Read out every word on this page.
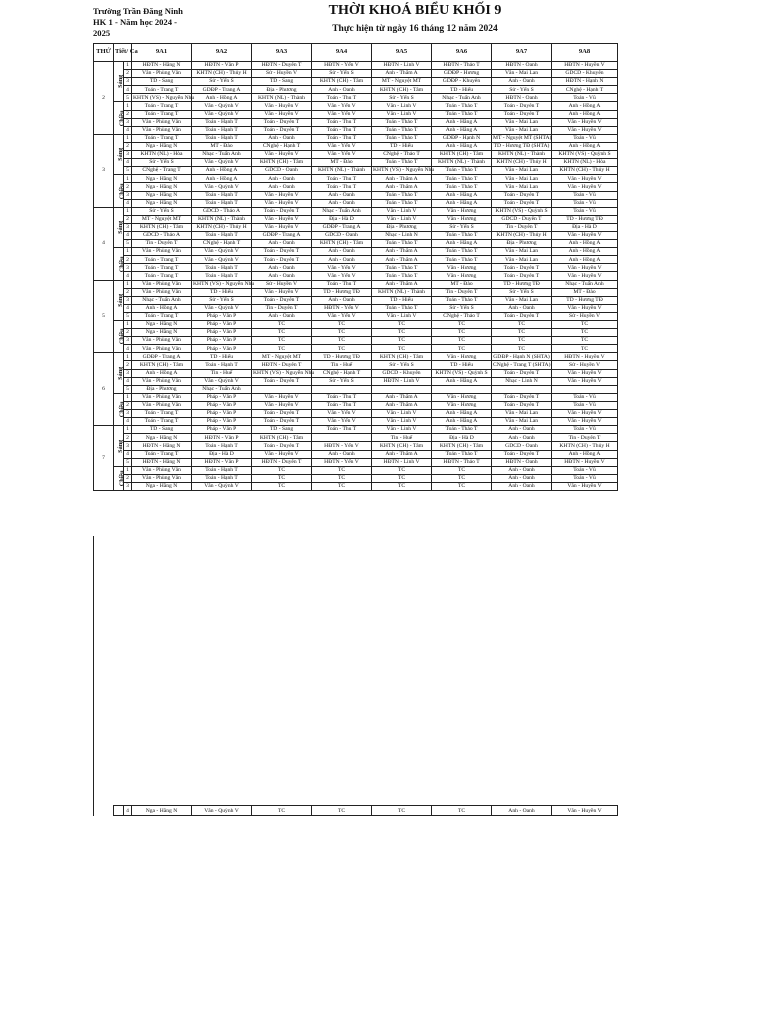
Trường Trần Đăng Ninh
HK 1 - Năm học 2024 -
2025
THỜI KHOÁ BIỂU KHỐI 9
Thực hiện từ ngày 16 tháng 12 năm 2024
THỨ	Tiết/ Ca		9A1	9A2	9A3	9A4	9A5	9A6	9A7	9A8
2	Sáng	1	HĐTN - Hằng N	HĐTN - Vân P	HĐTN - Duyên T	HĐTN - Yến V	HĐTN - Linh V	HĐTN - Thảo T	HĐTN - Oanh	HĐTN - Huyền V
		2	Văn - Phùng Vân	KHTN (CH) - Thủy H	Sử - Huyền V	Sử - Yến S	Anh - Thắm A	GDĐP - Hương	Văn - Mai Lan	GDCD - Khuyên
		3	TD - Sang	Sử - Yến S	TD - Sang	KHTN (CH) - Tâm	MT - Nguyệt MT	GDĐP - Khuyên	Anh - Oanh	HĐTN - Hạnh N
		4	Toán - Trang T	GDĐP - Trang A	Địa - Phương	Anh - Oanh	KHTN (CH) - Tâm	TD - Hiếu	Sử - Yến S	CNghệ - Hạnh T
		5	KHTN (VS) - Nguyễn Nhu	Anh - Hồng A	KHTN (NL) - Thành	Toán - Thu T	Sử - Yến S	Nhạc - Tuấn Anh	HĐTN - Oanh	Toán - Vũ
	Chiều	1	Toán - Trang T	Văn - Quỳnh V	Văn - Huyền V	Văn - Yến V	Văn - Linh V	Toán - Thảo T	Toán - Duyên T	Anh - Hồng A
		2	Toán - Trang T	Văn - Quỳnh V	Văn - Huyền V	Văn - Yến V	Văn - Linh V	Toán - Thảo T	Toán - Duyên T	Anh - Hồng A
		3	Văn - Phùng Vân	Toán - Hạnh T	Toán - Duyên T	Toán - Thu T	Toán - Thảo T	Anh - Hằng A	Văn - Mai Lan	Văn - Huyền V
		4	Văn - Phùng Vân	Toán - Hạnh T	Toán - Duyên T	Toán - Thu T	Toán - Thảo T	Anh - Hằng A	Văn - Mai Lan	Văn - Huyền V
3	Sáng	1	Toán - Trang T	Toán - Hạnh T	Anh - Oanh	Toán - Thu T	Toán - Thảo T	GDĐP - Hạnh N	MT - Nguyệt MT (SHTA)	Toán - Vũ
		2	Nga - Hằng N	MT - Đào	CNghệ - Hạnh T	Văn - Yến V	TD - Hiếu	Anh - Hằng A	TD - Hương TĐ (SHTA)	Anh - Hồng A
		3	KHTN (NL) - Hòa	Nhạc - Tuấn Anh	Văn - Huyền V	Văn - Yến V	CNghệ - Thảo T	KHTN (CH) - Tâm	KHTN (NL) - Thành	KHTN (VS) - Quỳnh S
		4	Sử - Yến S	Văn - Quỳnh V	KHTN (CH) - Tâm	MT - Đào	Toán - Thảo T	KHTN (NL) - Thành	KHTN (CH) - Thủy H	KHTN (NL) - Hòa
		5	CNghệ - Trang T	Anh - Hồng A	GDCD - Oanh	KHTN (NL) - Thành	KHTN (VS) - Nguyễn Nhu	Toán - Thảo T	Văn - Mai Lan	KHTN (CH) - Thủy H
	Chiều	1	Nga - Hằng N	Anh - Hồng A	Anh - Oanh	Toán - Thu T	Anh - Thắm A	Toán - Thảo T	Văn - Mai Lan	Văn - Huyền V
		2	Nga - Hằng N	Văn - Quỳnh V	Anh - Oanh	Toán - Thu T	Anh - Thắm A	Toán - Thảo T	Văn - Mai Lan	Văn - Huyền V
		3	Nga - Hằng N	Toán - Hạnh T	Văn - Huyền V	Anh - Oanh	Toán - Thảo T	Anh - Hằng A	Toán - Duyên T	Toán - Vũ
		4	Nga - Hằng N	Toán - Hạnh T	Văn - Huyền V	Anh - Oanh	Toán - Thảo T	Anh - Hằng A	Toán - Duyên T	Toán - Vũ
4	Sáng	1	Sử - Yến S	GDCD - Thảo A	Toán - Duyên T	Nhạc - Tuấn Anh	Văn - Linh V	Văn - Hương	KHTN (VS) - Quỳnh S	Toán - Vũ
		2	MT - Nguyệt MT	KHTN (NL) - Thành	Văn - Huyền V	Địa - Hà D	Văn - Linh V	Văn - Hương	GDCD - Duyên T	TD - Hương TĐ
		3	KHTN (CH) - Tâm	KHTN (CH) - Thủy H	Văn - Huyền V	GDĐP - Trang A	Địa - Phương	Sử - Yến S	Tin - Duyên T	Địa - Hà D
		4	GDCD - Thảo A	Toán - Hạnh T	GDĐP - Trang A	GDCD - Oanh	Nhạc - Linh N	Toán - Thảo T	KHTN (CH) - Thủy H	Văn - Huyền V
		5	Tin - Duyên T	CNghệ - Hạnh T	Anh - Oanh	KHTN (CH) - Tâm	Toán - Thảo T	Anh - Hằng A	Địa - Phương	Anh - Hồng A
	Chiều	1	Văn - Phùng Vân	Văn - Quỳnh V	Toán - Duyên T	Anh - Oanh	Anh - Thắm A	Toán - Thảo T	Văn - Mai Lan	Anh - Hồng A
		2	Toán - Trang T	Văn - Quỳnh V	Toán - Duyên T	Anh - Oanh	Anh - Thắm A	Toán - Thảo T	Văn - Mai Lan	Anh - Hồng A
		3	Toán - Trang T	Toán - Hạnh T	Anh - Oanh	Văn - Yến V	Toán - Thảo T	Văn - Hương	Toán - Duyên T	Văn - Huyền V
		4	Toán - Trang T	Toán - Hạnh T	Anh - Oanh	Văn - Yến V	Toán - Thảo T	Văn - Hương	Toán - Duyên T	Văn - Huyền V
5	Sáng	1	Văn - Phùng Vân	KHTN (VS) - Nguyễn Nhu	Sử - Huyền V	Toán - Thu T	Anh - Thắm A	MT - Đào	TD - Hương TĐ	Nhạc - Tuấn Anh
		2	Văn - Phùng Vân	TD - Hiếu	Văn - Huyền V	TD - Hương TĐ	KHTN (NL) - Thành	Tin - Duyên T	Sử - Yến S	MT - Đào
		3	Nhạc - Tuấn Anh	Sử - Yến S	Toán - Duyên T	Anh - Oanh	TD - Hiếu	Toán - Thảo T	Văn - Mai Lan	TD - Hương TĐ
		4	Anh - Hồng A	Văn - Quỳnh V	Tin - Duyên T	HĐTN - Yến V	Toán - Thảo T	Sử - Yến S	Anh - Oanh	Văn - Huyền V
		5	Toán - Trang T	Pháp - Vân P	Anh - Oanh	Văn - Yến V	Văn - Linh V	CNghệ - Thảo T	Toán - Duyên T	Sử - Huyền V
	Chiều	1	Nga - Hằng N	Pháp - Vân P	TC	TC	TC	TC	TC	TC
		2	Nga - Hằng N	Pháp - Vân P	TC	TC	TC	TC	TC	TC
		3	Văn - Phùng Vân	Pháp - Vân P	TC	TC	TC	TC	TC	TC
		4	Văn - Phùng Vân	Pháp - Vân P	TC	TC	TC	TC	TC	TC
6	Sáng	1	GDĐP - Trang A	TD - Hiếu	MT - Nguyệt MT	TD - Hương TĐ	KHTN (CH) - Tâm	Văn - Hương	GDĐP - Hạnh N (SHTA)	HĐTN - Huyền V
		2	KHTN (CH) - Tâm	Toán - Hạnh T	HĐTN - Duyên T	Tin - Huế	Sử - Yến S	TD - Hiếu	CNghệ - Trang T (SHTA)	Sử - Huyền V
		3	Anh - Hồng A	Tin - Huế	KHTN (VS) - Nguyễn Nhu	CNghệ - Hạnh T	GDCD - Khuyên	KHTN (VS) - Quỳnh S	Toán - Duyên T	Văn - Huyền V
		4	Văn - Phùng Vân	Văn - Quỳnh V	Toán - Duyên T	Sử - Yến S	HĐTN - Linh V	Anh - Hằng A	Nhạc - Linh N	Văn - Huyền V
		5	Địa - Phương	Nhạc - Tuấn Anh						
	Chiều	1	Văn - Phùng Vân	Pháp - Vân P	Văn - Huyền V	Toán - Thu T	Anh - Thắm A	Văn - Hương	Toán - Duyên T	Toán - Vũ
		2	Văn - Phùng Vân	Pháp - Vân P	Văn - Huyền V	Toán - Thu T	Anh - Thắm A	Văn - Hương	Toán - Duyên T	Toán - Vũ
		3	Toán - Trang T	Pháp - Vân P	Toán - Duyên T	Văn - Yến V	Văn - Linh V	Anh - Hằng A	Văn - Mai Lan	Văn - Huyền V
		4	Toán - Trang T	Pháp - Vân P	Toán - Duyên T	Văn - Yến V	Văn - Linh V	Anh - Hằng A	Văn - Mai Lan	Văn - Huyền V
7	Sáng	1	TD - Sang	Pháp - Vân P	TD - Sang	Toán - Thu T	Văn - Linh V	Toán - Thảo T	Anh - Oanh	Toán - Vũ
		2	Nga - Hằng N	HĐTN - Vân P	KHTN (CH) - Tâm		Tin - Huế	Địa - Hà D	Anh - Oanh	Tin - Duyên T
		3	HĐTN - Hằng N	Toán - Hạnh T	Toán - Duyên T	HĐTN - Yến V	KHTN (CH) - Tâm	KHTN (CH) - Tâm	GDCD - Oanh	KHTN (CH) - Thủy H
		4	Toán - Trang T	Địa - Hà D	Văn - Huyền V	Anh - Oanh	Anh - Thắm A	Toán - Thảo T	Toán - Duyên T	Anh - Hồng A
		5	HĐTN - Hằng N	HĐTN - Vân P	HĐTN - Duyên T	HĐTN - Yến V	HĐTN - Linh V	HĐTN - Thảo T	HĐTN - Oanh	HĐTN - Huyền V
	Chiều	1	Văn - Phùng Vân	Toán - Hạnh T	TC	TC	TC	TC	Anh - Oanh	Toán - Vũ
		2	Văn - Phùng Vân	Toán - Hạnh T	TC	TC	TC	TC	Anh - Oanh	Toán - Vũ
		3	Nga - Hằng N	Văn - Quỳnh V	TC	TC	TC	TC	Anh - Oanh	Văn - Huyền V
		4	Nga - Hằng N	Văn - Quỳnh V	TC	TC	TC	TC	Anh - Oanh	Văn - Huyền V
